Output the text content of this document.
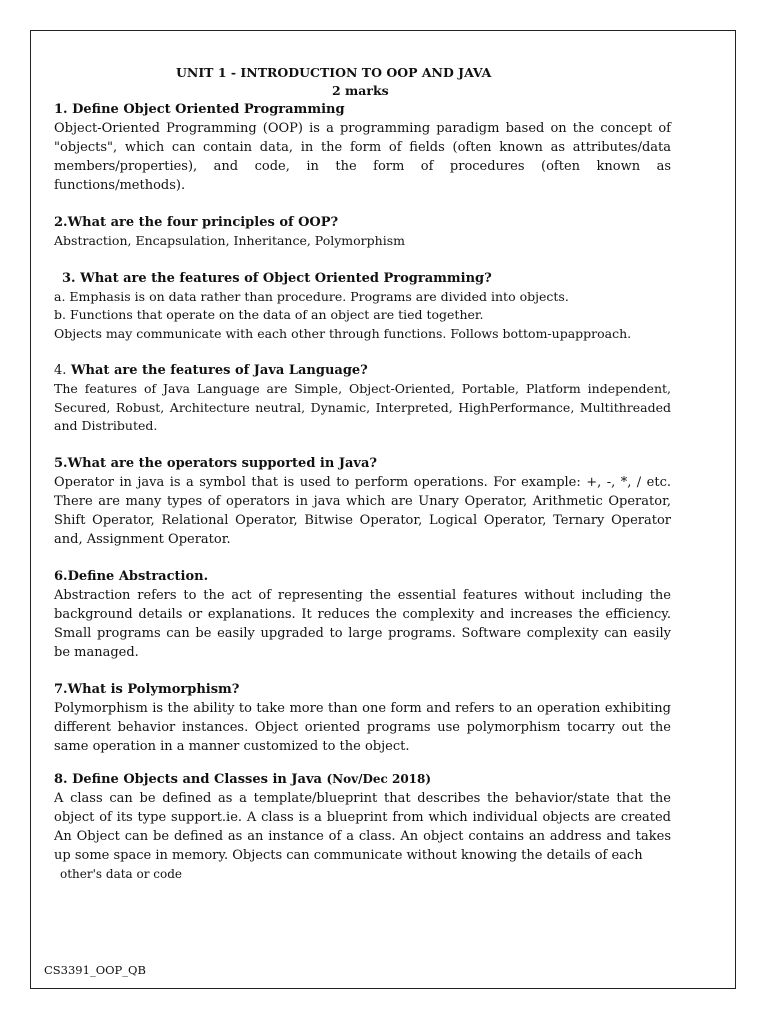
UNIT 1 - INTRODUCTION TO OOP AND JAVA
2 marks
1. Define Object Oriented Programming

Object-Oriented Programming (OOP) is a programming paradigm based on the concept of "objects", which can contain data, in the form of fields (often known as attributes/data members/properties), and code, in the form of procedures (often known as functions/methods).

2.What are the four principles of OOP?

Abstraction, Encapsulation, Inheritance, Polymorphism

3. What are the features of Object Oriented Programming?

a. Emphasis is on data rather than procedure. Programs are divided into objects.

b. Functions that operate on the data of an object are tied together.

Objects may communicate with each other through functions. Follows bottom-upapproach.

4. What are the features of Java Language?

The features of Java Language are Simple, Object-Oriented, Portable, Platform independent, Secured, Robust, Architecture neutral, Dynamic, Interpreted, HighPerformance, Multithreaded and Distributed.

5.What are the operators supported in Java?

Operator in java is a symbol that is used to perform operations. For example: +, -, *, / etc. There are many types of operators in java which are Unary Operator, Arithmetic Operator, Shift Operator, Relational Operator, Bitwise Operator, Logical Operator, Ternary Operator and, Assignment Operator.

6.Define Abstraction.

Abstraction refers to the act of representing the essential features without including the background details or explanations. It reduces the complexity and increases the efficiency. Small programs can be easily upgraded to large programs. Software complexity can easily be managed.

7.What is Polymorphism?

Polymorphism is the ability to take more than one form and refers to an operation exhibiting different behavior instances. Object oriented programs use polymorphism tocarry out the same operation in a manner customized to the object.

8. Define Objects and Classes in Java (Nov/Dec 2018)

A class can be defined as a template/blueprint that describes the behavior/state that the object of its type support.ie. A class is a blueprint from which individual objects are created An Object can be defined as an instance of a class. An object contains an address and takes up some space in memory. Objects can communicate without knowing the details of each

other's data or code
CS3391_OOP_QB
